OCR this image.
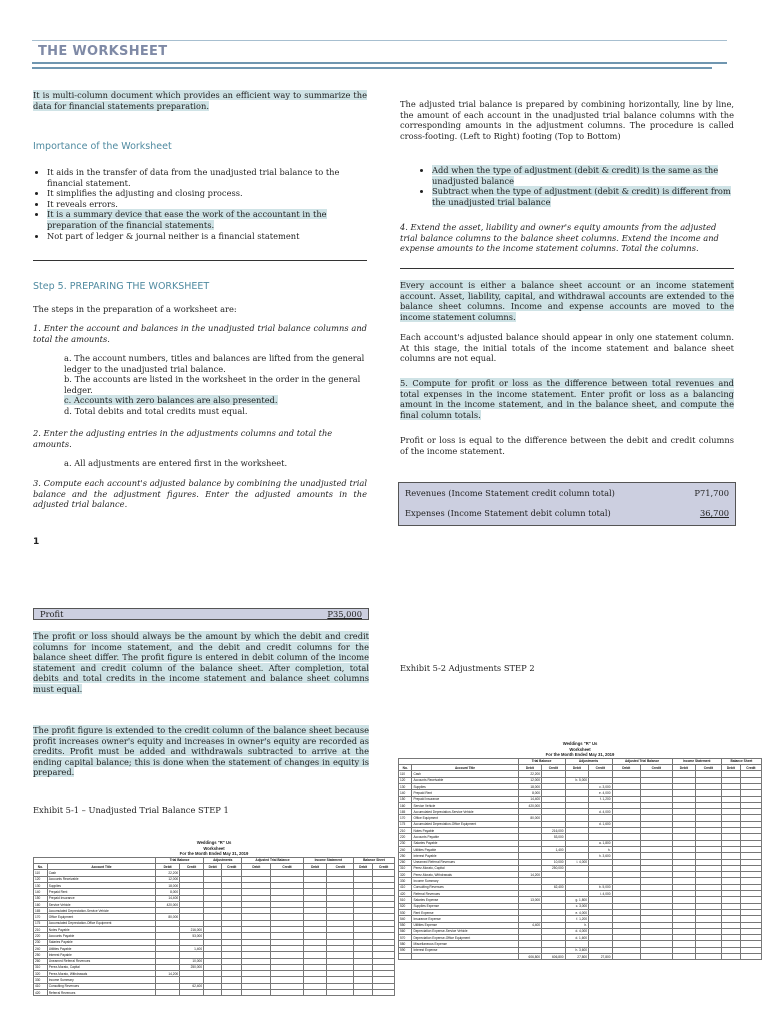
THE WORKSHEET
It is multi-column document which provides an efficient way to summarize the data for financial statements preparation.
Importance of the Worksheet
• It aids in the transfer of data from the unadjusted trial balance to the financial statement.
• It simplifies the adjusting and closing process.
• It reveals errors.
• It is a summary device that ease the work of the accountant in the preparation of the financial statements.
• Not part of ledger & journal neither is a financial statement
Step 5. PREPARING THE WORKSHEET
The steps in the preparation of a worksheet are:
1. Enter the account and balances in the unadjusted trial balance columns and total the amounts.
a. The account numbers, titles and balances are lifted from the general ledger to the unadjusted trial balance.
b. The accounts are listed in the worksheet in the order in the general ledger.
c. Accounts with zero balances are also presented.
d. Total debits and total credits must equal.
2. Enter the adjusting entries in the adjustments columns and total the amounts.
a. All adjustments are entered first in the worksheet.
3. Compute each account's adjusted balance by combining the unadjusted trial balance and the adjustment figures. Enter the adjusted amounts in the adjusted trial balance.
1
The adjusted trial balance is prepared by combining horizontally, line by line, the amount of each account in the unadjusted trial balance columns with the corresponding amounts in the adjustment columns. The procedure is called cross-footing. (Left to Right) footing (Top to Bottom)
• Add when the type of adjustment (debit & credit) is the same as the unadjusted balance
• Subtract when the type of adjustment (debit & credit) is different from the unadjusted trial balance
4. Extend the asset, liability and owner's equity amounts from the adjusted trial balance columns to the balance sheet columns. Extend the income and expense amounts to the income statement columns. Total the columns.
Every account is either a balance sheet account or an income statement account. Asset, liability, capital, and withdrawal accounts are extended to the balance sheet columns. Income and expense accounts are moved to the income statement columns.
Each account's adjusted balance should appear in only one statement column. At this stage, the initial totals of the income statement and balance sheet columns are not equal.
5. Compute for profit or loss as the difference between total revenues and total expenses in the income statement. Enter profit or loss as a balancing amount in the income statement, and in the balance sheet, and compute the final column totals.
Profit or loss is equal to the difference between the debit and credit columns of the income statement.
Revenues (Income Statement credit column total)	P71,700
Expenses (Income Statement debit column total)	36,700
Profit	P35,000
The profit or loss should always be the amount by which the debit and credit columns for income statement, and the debit and credit columns for the balance sheet differ. The profit figure is entered in debit column of the income statement and credit column of the balance sheet. After completion, total debits and total credits in the income statement and balance sheet columns must equal.
The profit figure is extended to the credit column of the balance sheet because profit increases owner's equity and increases in owner's equity are recorded as credits. Profit must be added and withdrawals subtracted to arrive at the ending capital balance; this is done when the statement of changes in equity is prepared.
Exhibit 5-1 – Unadjusted Trial Balance STEP 1
Exhibit 5-2 Adjustments STEP 2
Weddings "R" Us
Worksheet
For the Month Ended May 31, 2019
		Trial Balance		Adjustments		Adjusted Trial Balance		Income Statement		Balance Sheet	
No.	Account Title	Debit	Credit	Debit	Credit	Debit	Credit	Debit	Credit	Debit	Credit
110	Cash	22,200									
120	Accounts Receivable	12,000		b. 5,000							
130	Supplies	18,000			c. 3,000						
140	Prepaid Rent	8,000			e. 4,000						
150	Prepaid Insurance	14,400			f. 1,200						
160	Service Vehicle	420,000									
165	Accumulated Depreciation-Service Vehicle				d. 4,000						
170	Office Equipment	80,000									
175	Accumulated Depreciation-Office Equipment				d. 1,600						
210	Notes Payable		216,000								
220	Accounts Payable		53,000								
230	Salaries Payable				a. 1,800						
240	Utilities Payable		1,400		h.						
250	Interest Payable				h. 3,600						
260	Unearned Referral Revenues		10,000	i. 4,000							
310	Perez-Morato, Capital		250,000								
320	Perez-Morato, Withdrawals	14,200									
330	Income Summary										
410	Consulting Revenues		62,400		b. 5,000						
420	Referral Revenues				i. 4,000						
510	Salaries Expense	13,000		g. 1,800							
520	Supplies Expense			c. 3,000							
530	Rent Expense			e. 4,000							
540	Insurance Expense			f. 1,200							
550	Utilities Expense	4,400		h.							
560	Depreciation Expense-Service Vehicle			d. 4,000							
570	Depreciation Expense-Office Equipment			d. 1,600							
580	Miscellaneous Expense										
590	Interest Expense			h. 3,600							
		606,800	606,800	27,800	27,800						
Weddings "R" Us
Worksheet
For the Month Ended May 31, 2019
		Trial Balance		Adjustments		Adjusted Trial Balance		Income Statement		Balance Sheet	
No.	Account Title	Debit	Credit	Debit	Credit	Debit	Credit	Debit	Credit	Debit	Credit
110	Cash	22,200									
120	Accounts Receivable	12,000									
130	Supplies	18,000									
140	Prepaid Rent	8,000									
150	Prepaid Insurance	14,400									
160	Service Vehicle	420,000									
165	Accumulated Depreciation-Service Vehicle										
170	Office Equipment	80,000									
175	Accumulated Depreciation-Office Equipment										
210	Notes Payable		216,000								
220	Accounts Payable		53,000								
230	Salaries Payable										
240	Utilities Payable		1,400								
250	Interest Payable										
260	Unearned Referral Revenues		10,000								
310	Perez-Morato, Capital		250,000								
320	Perez-Morato, Withdrawals	14,200									
330	Income Summary										
410	Consulting Revenues		62,400								
420	Referral Revenues										
